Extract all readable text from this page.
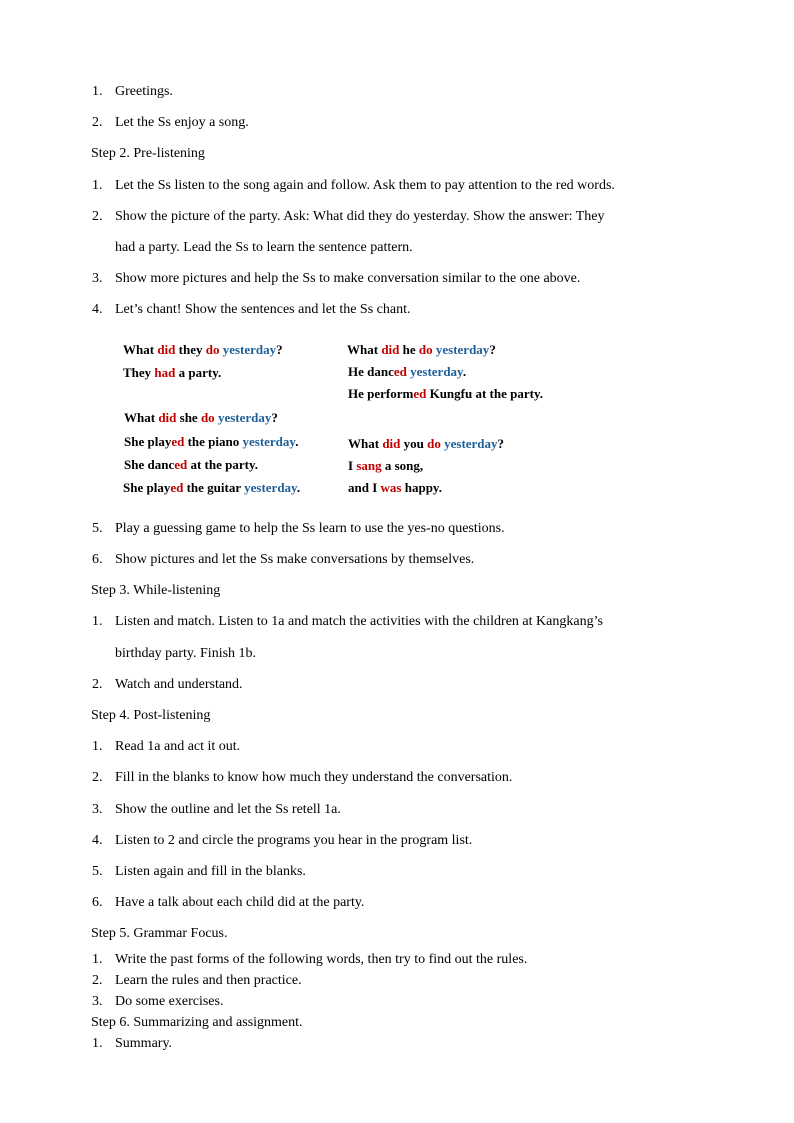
1. Greetings.
2. Let the Ss enjoy a song.
Step 2. Pre-listening
1. Let the Ss listen to the song again and follow. Ask them to pay attention to the red words.
2. Show the picture of the party. Ask: What did they do yesterday. Show the answer: They
had a party. Lead the Ss to learn the sentence pattern.
3. Show more pictures and help the Ss to make conversation similar to the one above.
4. Let’s chant! Show the sentences and let the Ss chant.
What did they do yesterday?
They had a party.
What did she do yesterday?
She played the piano yesterday.
She danced at the party.
She played the guitar yesterday.
What did he do yesterday?
He danced yesterday.
He performed Kungfu at the party.
What did you do yesterday?
I sang a song,
and I was happy.
5. Play a guessing game to help the Ss learn to use the yes-no questions.
6. Show pictures and let the Ss make conversations by themselves.
Step 3. While-listening
1. Listen and match. Listen to 1a and match the activities with the children at Kangkang’s
birthday party. Finish 1b.
2. Watch and understand.
Step 4. Post-listening
1. Read 1a and act it out.
2. Fill in the blanks to know how much they understand the conversation.
3. Show the outline and let the Ss retell 1a.
4. Listen to 2 and circle the programs you hear in the program list.
5. Listen again and fill in the blanks.
6. Have a talk about each child did at the party.
Step 5. Grammar Focus.
1. Write the past forms of the following words, then try to find out the rules.
2. Learn the rules and then practice.
3. Do some exercises.
Step 6. Summarizing and assignment.
1. Summary.
